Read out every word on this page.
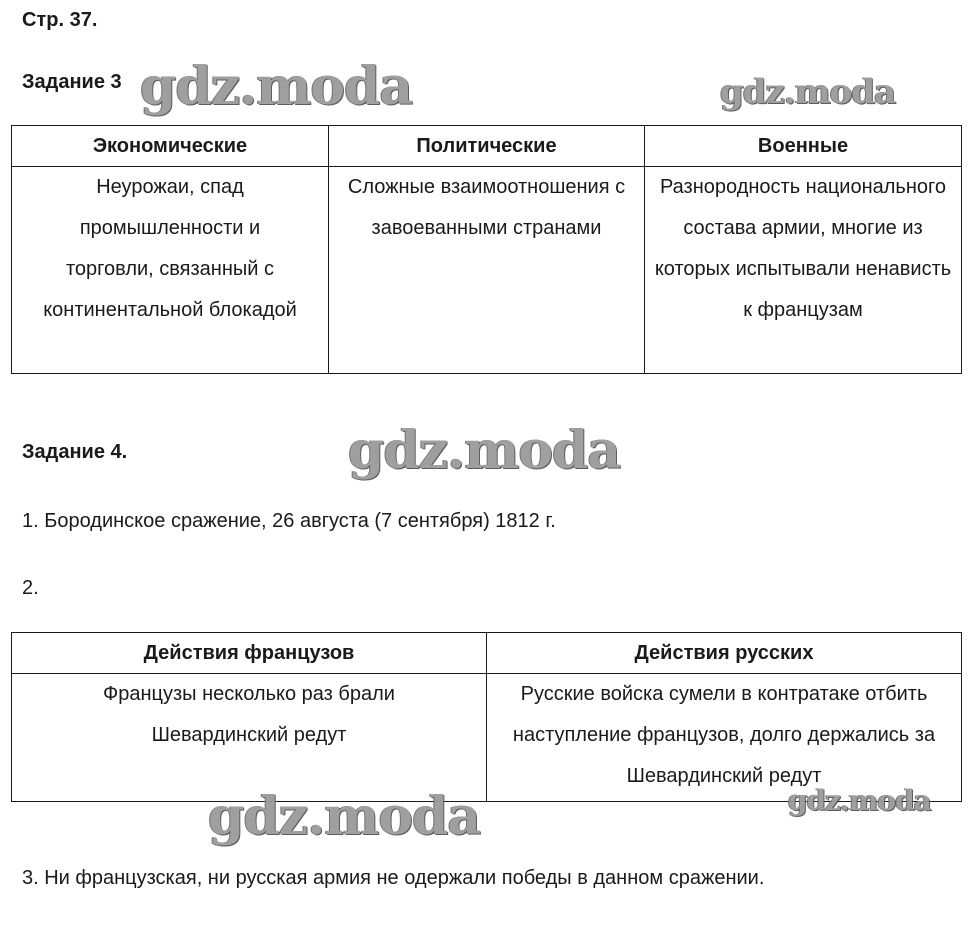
Стр. 37.
Задание 3
Экономические	Политические	Военные
Неурожаи, спад промышленности и торговли, связанный с континентальной блокадой	Сложные взаимоотношения с завоеванными странами	Разнородность национального состава армии, многие из которых испытывали ненависть к французам
Задание 4.
1. Бородинское сражение, 26 августа (7 сентября) 1812 г.
2.
Действия французов	Действия русских
Французы несколько раз брали Шевардинский редут	Русские войска сумели в контратаке отбить наступление французов, долго держались за Шевардинский редут
3. Ни французская, ни русская армия не одержали победы в данном сражении.
gdz.moda	gdz.moda
gdz.moda
gdz.moda	gdz.moda
